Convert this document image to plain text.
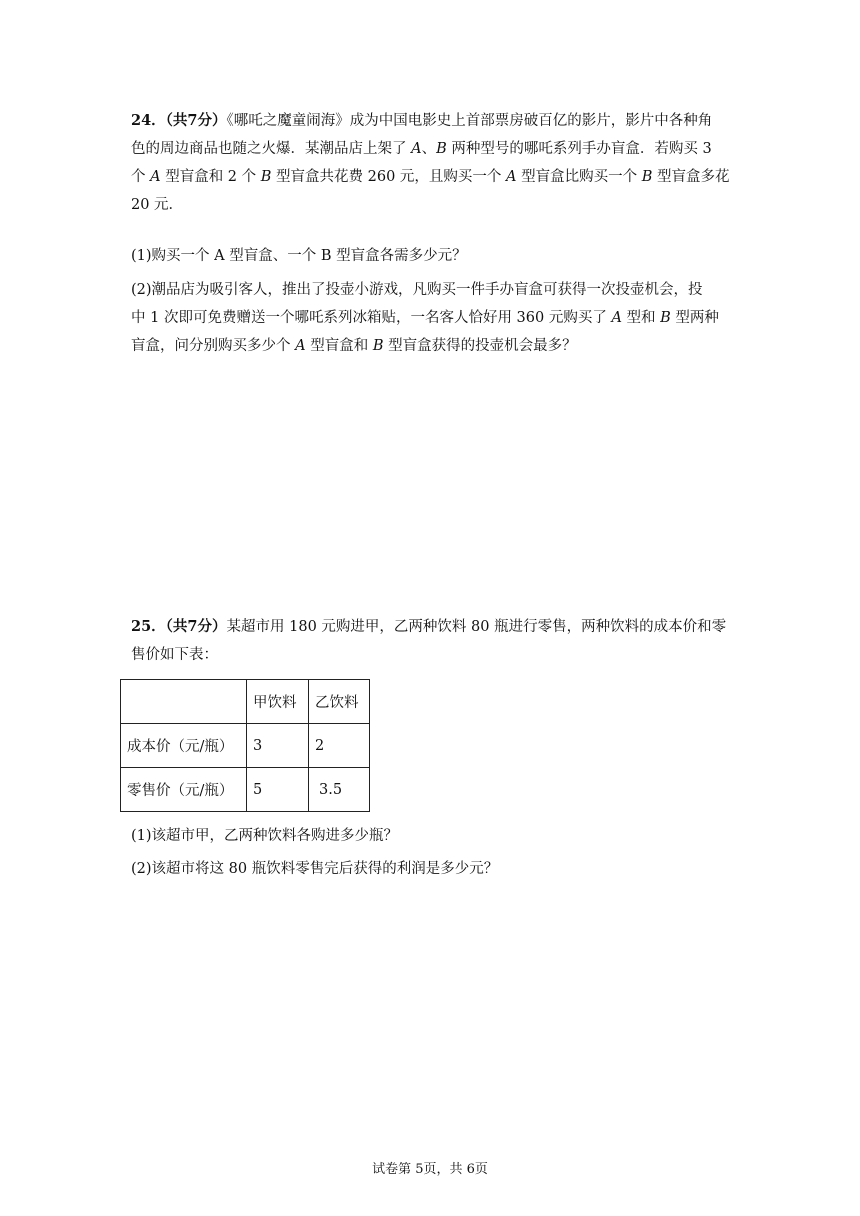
24．（共7分）《哪吒之魔童闹海》成为中国电影史上首部票房破百亿的影片，影片中各种角
色的周边商品也随之火爆．某潮品店上架了 A、B 两种型号的哪吒系列手办盲盒．若购买 3
个 A 型盲盒和 2 个 B 型盲盒共花费 260 元，且购买一个 A 型盲盒比购买一个 B 型盲盒多花
20 元．
(1)购买一个 A 型盲盒、一个 B 型盲盒各需多少元？
(2)潮品店为吸引客人，推出了投壶小游戏，凡购买一件手办盲盒可获得一次投壶机会，投
中 1 次即可免费赠送一个哪吒系列冰箱贴，一名客人恰好用 360 元购买了 A 型和 B 型两种
盲盒，问分别购买多少个 A 型盲盒和 B 型盲盒获得的投壶机会最多？
25．（共7分）某超市用 180 元购进甲，乙两种饮料 80 瓶进行零售，两种饮料的成本价和零
售价如下表：
	甲饮料	乙饮料
成本价（元/瓶）	3	2
零售价（元/瓶）	5	3.5
(1)该超市甲，乙两种饮料各购进多少瓶？
(2)该超市将这 80 瓶饮料零售完后获得的利润是多少元？
试卷第 5页，共 6页
